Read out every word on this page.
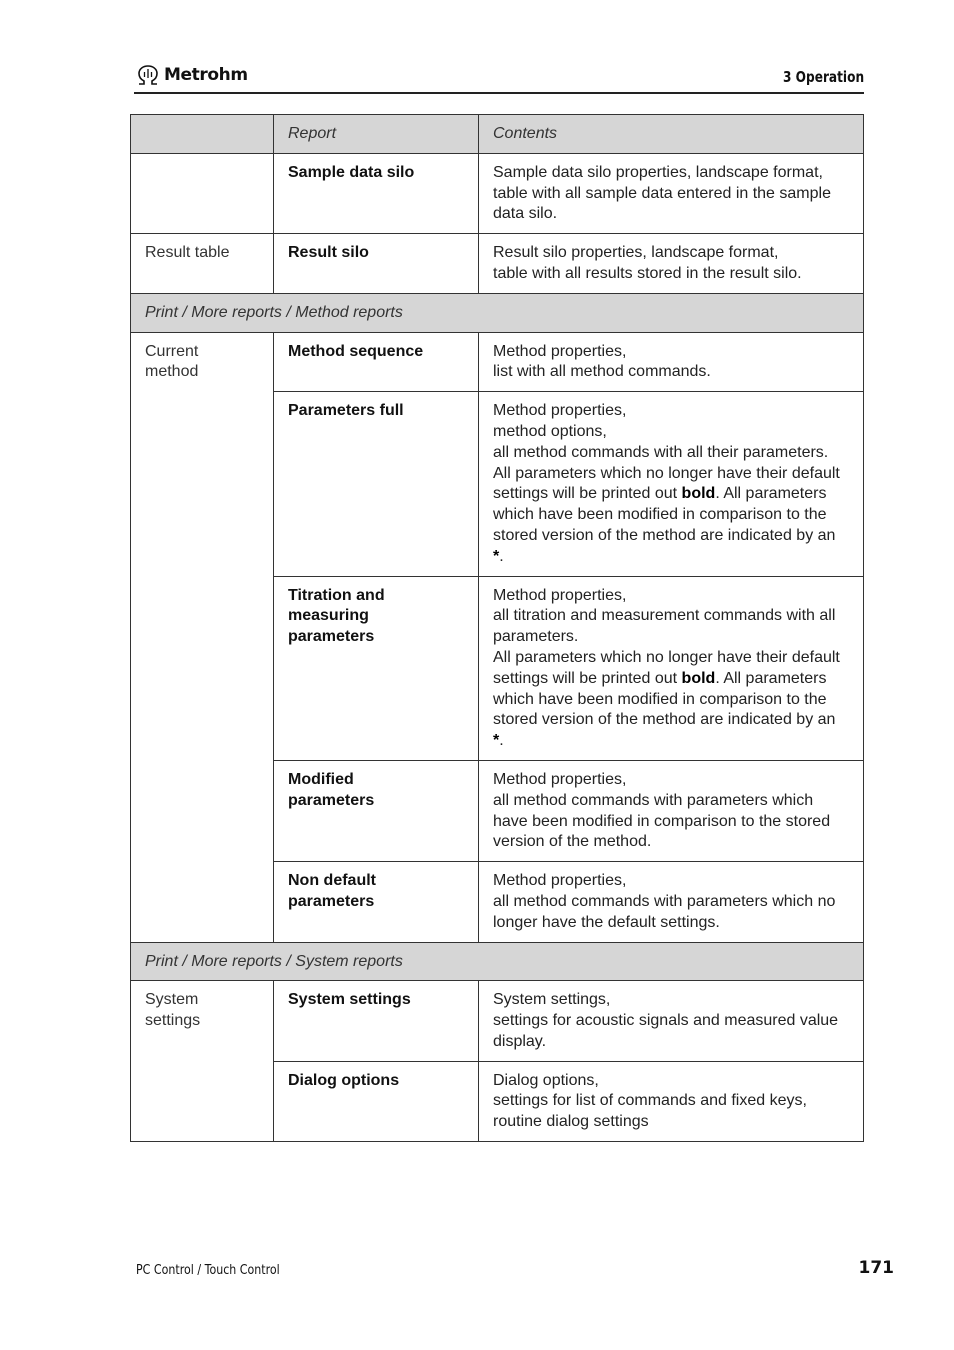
Metrohm	3 Operation
	Report	Contents
	Sample data silo	Sample data silo properties, landscape format, table with all sample data entered in the sample data silo.
Result table	Result silo	Result silo properties, landscape format,
table with all results stored in the result silo.
Print / More reports / Method reports		
Current method	Method sequence	Method properties,
list with all method commands.
	Parameters full	Method properties,
method options,
all method commands with all their parameters.
All parameters which no longer have their default settings will be printed out bold. All parameters which have been modified in comparison to the stored version of the method are indicated by an *.
	Titration and measuring parameters	Method properties,
all titration and measurement commands with all parameters.
All parameters which no longer have their default settings will be printed out bold. All parameters which have been modified in comparison to the stored version of the method are indicated by an *.
	Modified parameters	Method properties,
all method commands with parameters which have been modified in comparison to the stored version of the method.
	Non default parameters	Method properties,
all method commands with parameters which no longer have the default settings.
Print / More reports / System reports		
System settings	System settings	System settings,
settings for acoustic signals and measured value display.
	Dialog options	Dialog options,
settings for list of commands and fixed keys,
routine dialog settings
PC Control / Touch Control	171
